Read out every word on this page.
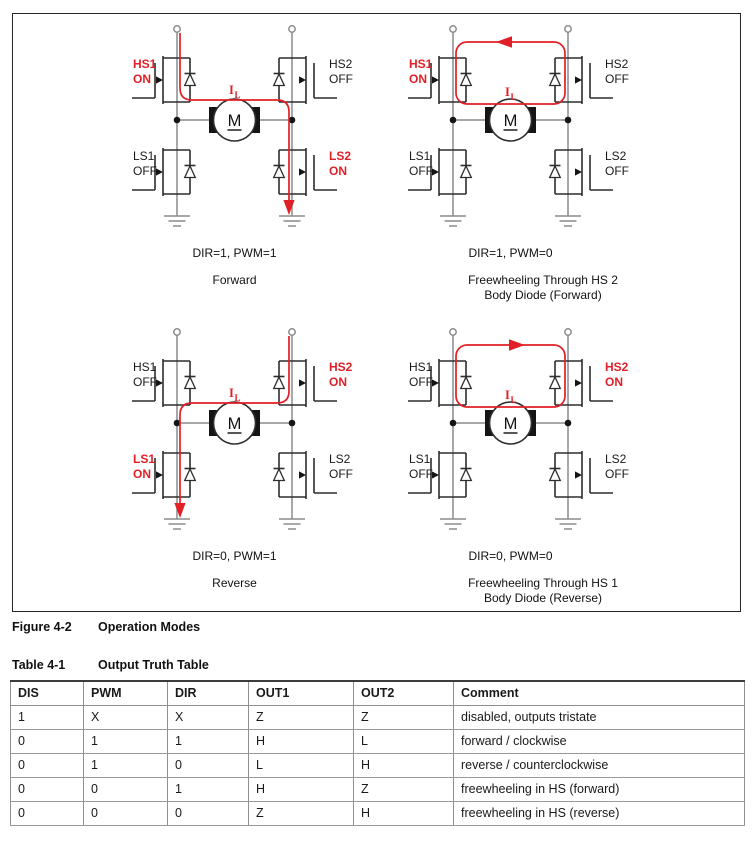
I L
M
HS1
ON
HS2
OFF
LS1
OFF
LS2
ON
DIR=1, PWM=1
Forward
I L
M
HS1
ON
HS2
OFF
LS1
OFF
LS2
OFF
DIR=1, PWM=0
Freewheeling Through HS 2
Body Diode (Forward)
I L
M
HS1
OFF
HS2
ON
LS1
ON
LS2
OFF
DIR=0, PWM=1
Reverse
I L
M
HS1
OFF
HS2
ON
LS1
OFF
LS2
OFF
DIR=0, PWM=0
Freewheeling Through HS 1
Body Diode (Reverse)
Figure 4-2 Operation Modes
Table 4-1	Output Truth Table
DIS	PWM	DIR	OUT1	OUT2	Comment
1	X	X	Z	Z	disabled, outputs tristate
0	1	1	H	L	forward / clockwise
0	1	0	L	H	reverse / counterclockwise
0	0	1	H	Z	freewheeling in HS (forward)
0	0	0	Z	H	freewheeling in HS (reverse)
